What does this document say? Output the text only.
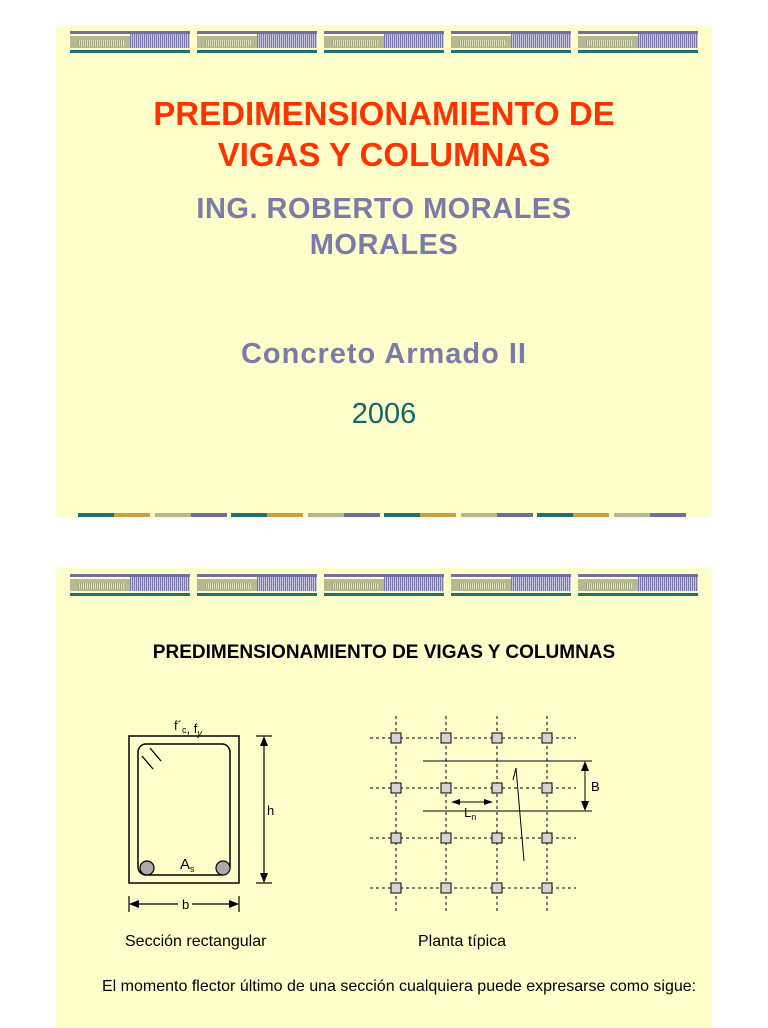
PREDIMENSIONAMIENTO DE
VIGAS Y COLUMNAS
ING. ROBERTO MORALES
MORALES
Concreto Armado II
2006
PREDIMENSIONAMIENTO DE VIGAS Y COLUMNAS
$f´_c$, $f_y$
h
b
$A_s$
B
$L_n$
Sección rectangular	Planta típica
El momento flector último de una sección cualquiera puede expresarse como sigue:
